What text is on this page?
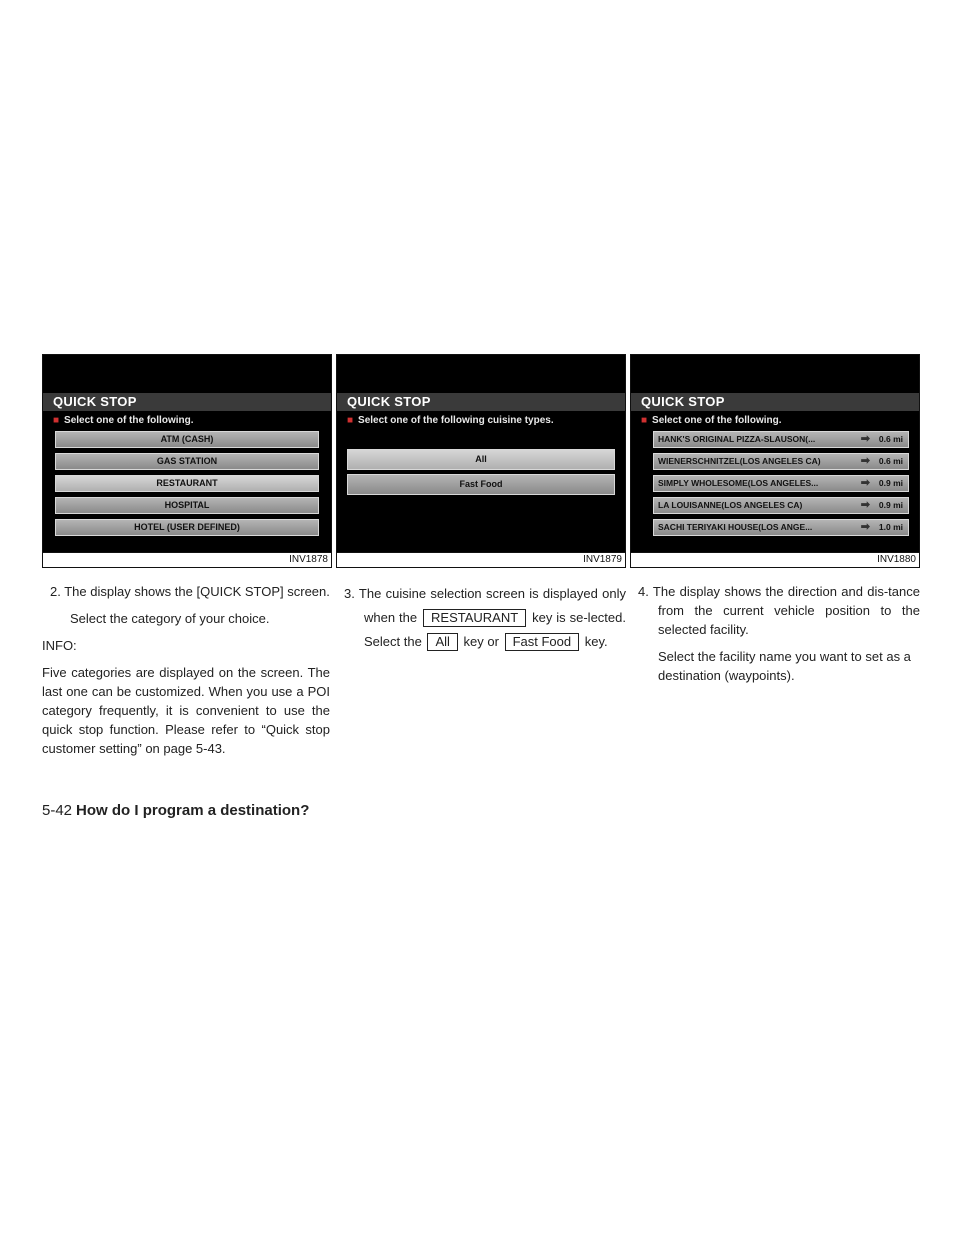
QUICK STOP
■ Select one of the following.
ATM (CASH)
GAS STATION
RESTAURANT
HOSPITAL
HOTEL (USER DEFINED)
INV1878
QUICK STOP
■ Select one of the following cuisine types.
All
Fast Food
INV1879
QUICK STOP
■ Select one of the following.
HANK'S ORIGINAL PIZZA-SLAUSON(...	➡ 0.6 mi
WIENERSCHNITZEL(LOS ANGELES CA)	➡ 0.6 mi
SIMPLY WHOLESOME(LOS ANGELES...	➡ 0.9 mi
LA LOUISANNE(LOS ANGELES CA)	➡ 0.9 mi
SACHI TERIYAKI HOUSE(LOS ANGE...	➡ 1.0 mi
INV1880

2. The display shows the [QUICK STOP] screen.

Select the category of your choice.

INFO:

Five categories are displayed on the screen. The last one can be customized. When you use a POI category frequently, it is convenient to use the quick stop function. Please refer to “Quick stop customer setting” on page 5-43.

3. The cuisine selection screen is displayed only when the RESTAURANT key is se-lected. Select the All key or Fast Food key.

4. The display shows the direction and dis-tance from the current vehicle position to the selected facility.

Select the facility name you want to set as a destination (waypoints).

5-42 How do I program a destination?
